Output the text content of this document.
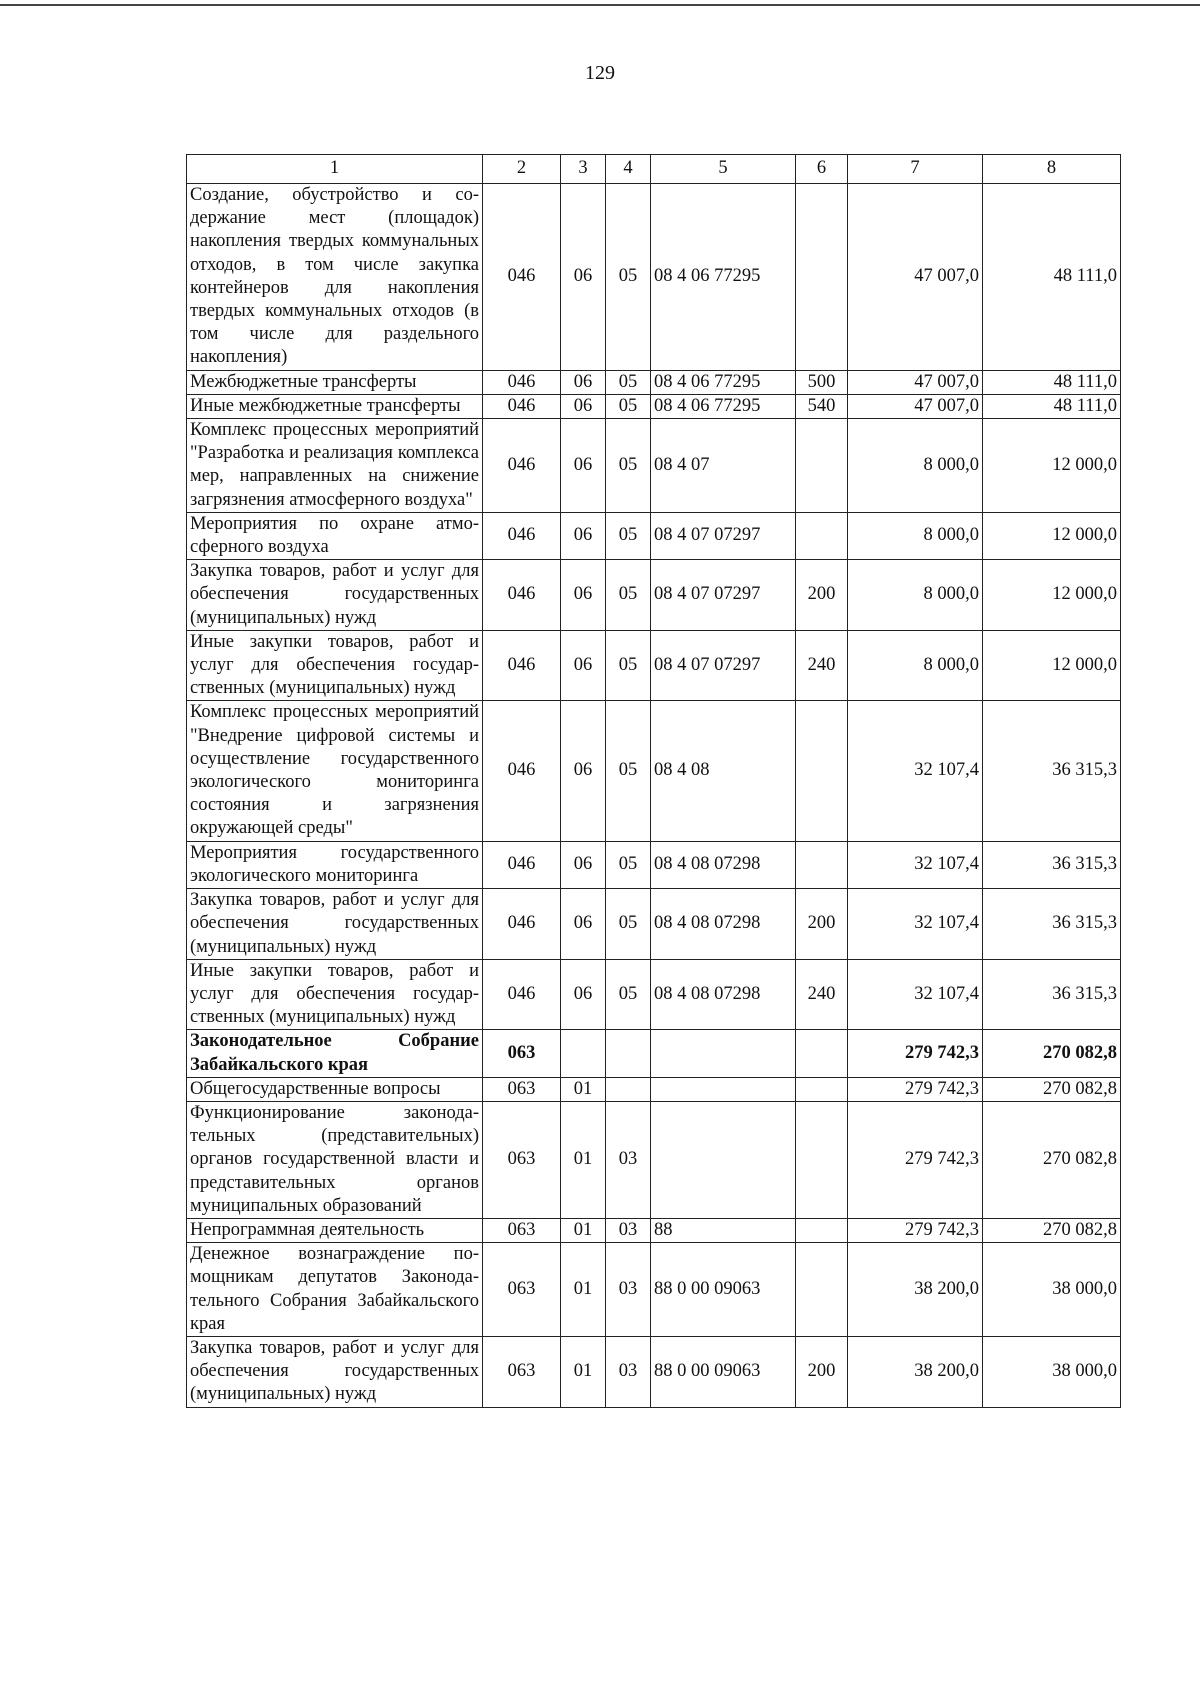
129
1	2	3	4	5	6	7	8
Создание, обустройство и содержание мест (площадок) накопления твердых коммунальных отходов, в том числе закупка контейнеров для накопления твердых коммунальных отходов (в том числе для раздельного накопления)	046	06	05	08 4 06 77295		47 007,0	48 111,0
Межбюджетные трансферты	046	06	05	08 4 06 77295	500	47 007,0	48 111,0
Иные межбюджетные трансферты	046	06	05	08 4 06 77295	540	47 007,0	48 111,0
Комплекс процессных мероприятий "Разработка и реализация комплекса мер, направленных на снижение загрязнения атмосферного воздуха"	046	06	05	08 4 07		8 000,0	12 000,0
Мероприятия по охране атмосферного воздуха	046	06	05	08 4 07 07297		8 000,0	12 000,0
Закупка товаров, работ и услуг для обеспечения государственных (муниципальных) нужд	046	06	05	08 4 07 07297	200	8 000,0	12 000,0
Иные закупки товаров, работ и услуг для обеспечения государственных (муниципальных) нужд	046	06	05	08 4 07 07297	240	8 000,0	12 000,0
Комплекс процессных мероприятий "Внедрение цифровой системы и осуществление государственного экологического мониторинга состояния и загрязнения окружающей среды"	046	06	05	08 4 08		32 107,4	36 315,3
Мероприятия государственного экологического мониторинга	046	06	05	08 4 08 07298		32 107,4	36 315,3
Закупка товаров, работ и услуг для обеспечения государственных (муниципальных) нужд	046	06	05	08 4 08 07298	200	32 107,4	36 315,3
Иные закупки товаров, работ и услуг для обеспечения государственных (муниципальных) нужд	046	06	05	08 4 08 07298	240	32 107,4	36 315,3
Законодательное Собрание Забайкальского края	063					279 742,3	270 082,8
Общегосударственные вопросы	063	01				279 742,3	270 082,8
Функционирование законодательных (представительных) органов государственной власти и представительных органов муниципальных образований	063	01	03			279 742,3	270 082,8
Непрограммная деятельность	063	01	03	88		279 742,3	270 082,8
Денежное вознаграждение помощникам депутатов Законодательного Собрания Забайкальского края	063	01	03	88 0 00 09063		38 200,0	38 000,0
Закупка товаров, работ и услуг для обеспечения государственных (муниципальных) нужд	063	01	03	88 0 00 09063	200	38 200,0	38 000,0
